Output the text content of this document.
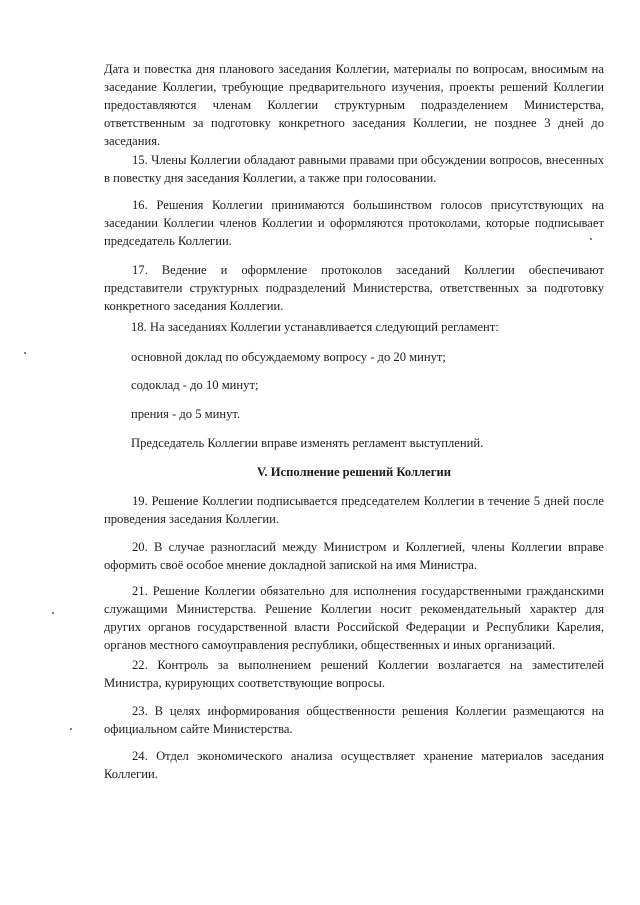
Дата и повестка дня планового заседания Коллегии, материалы по вопросам, вносимым на заседание Коллегии, требующие предварительного изучения, проекты решений Коллегии предоставляются членам Коллегии структурным подразделением Министерства, ответственным за подготовку конкретного заседания Коллегии, не позднее 3 дней до заседания.

15. Члены Коллегии обладают равными правами при обсуждении вопросов, внесенных в повестку дня заседания Коллегии, а также при голосовании.

16. Решения Коллегии принимаются большинством голосов присутствующих на заседании Коллегии членов Коллегии и оформляются протоколами, которые подписывает председатель Коллегии.

17. Ведение и оформление протоколов заседаний Коллегии обеспечивают представители структурных подразделений Министерства, ответственных за подготовку конкретного заседания Коллегии.

18. На заседаниях Коллегии устанавливается следующий регламент:

основной доклад по обсуждаемому вопросу - до 20 минут;

содоклад - до 10 минут;

прения - до 5 минут.

Председатель Коллегии вправе изменять регламент выступлений.

V. Исполнение решений Коллегии

19. Решение Коллегии подписывается председателем Коллегии в течение 5 дней после проведения заседания Коллегии.

20. В случае разногласий между Министром и Коллегией, члены Коллегии вправе оформить своё особое мнение докладной запиской на имя Министра.

21. Решение Коллегии обязательно для исполнения государственными гражданскими служащими Министерства. Решение Коллегии носит рекомендательный характер для других органов государственной власти Российской Федерации и Республики Карелия, органов местного самоуправления республики, общественных и иных организаций.

22. Контроль за выполнением решений Коллегии возлагается на заместителей Министра, курирующих соответствующие вопросы.

23. В целях информирования общественности решения Коллегии размещаются на официальном сайте Министерства.

24. Отдел экономического анализа осуществляет хранение материалов заседания Коллегии.
